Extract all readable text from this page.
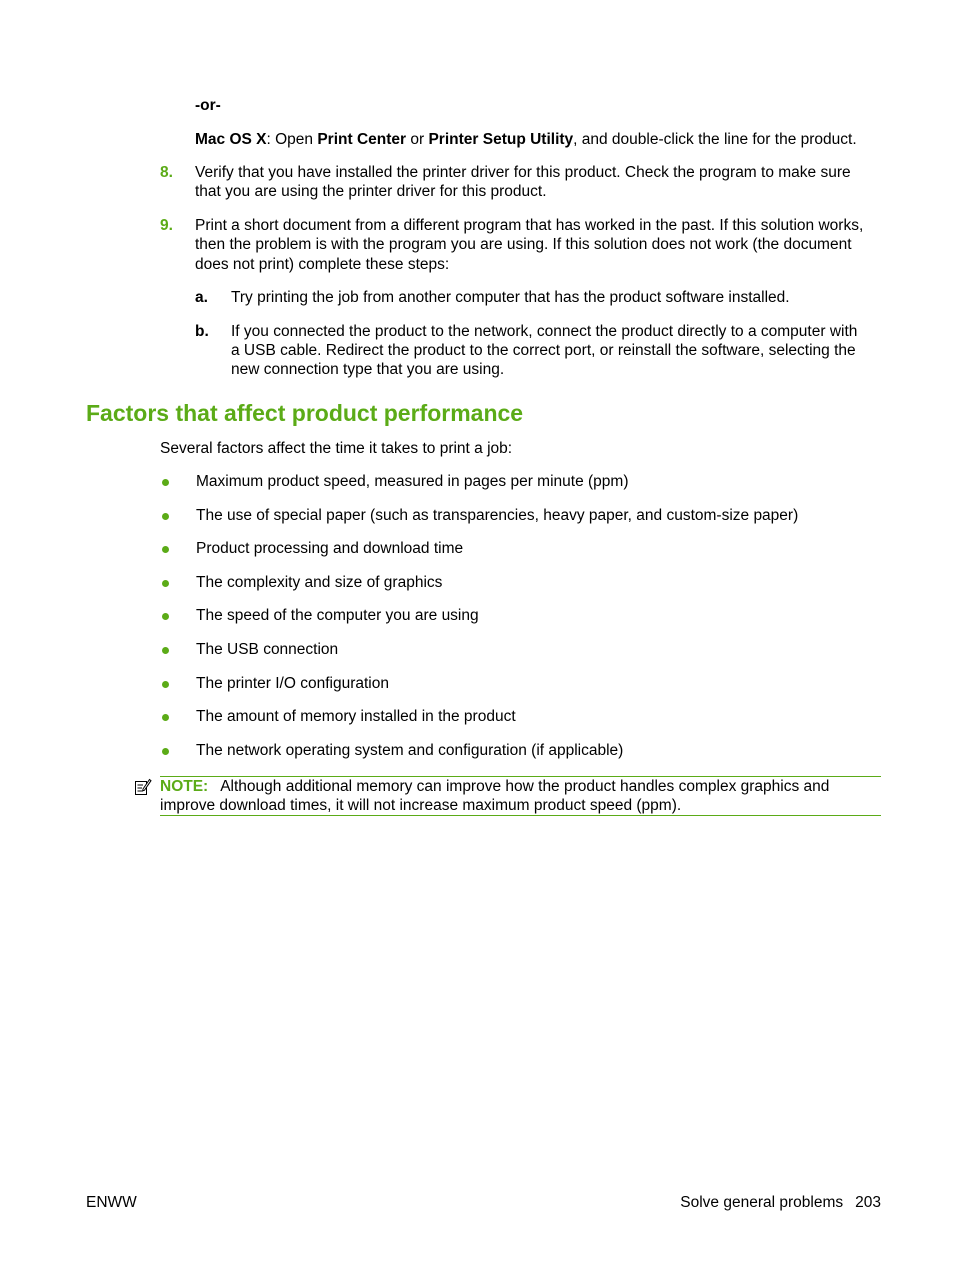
-or-
Mac OS X: Open Print Center or Printer Setup Utility, and double-click the line for the product.
8. Verify that you have installed the printer driver for this product. Check the program to make sure
that you are using the printer driver for this product.
9. Print a short document from a different program that has worked in the past. If this solution works,
then the problem is with the program you are using. If this solution does not work (the document
does not print) complete these steps:
a. Try printing the job from another computer that has the product software installed.
b. If you connected the product to the network, connect the product directly to a computer with
a USB cable. Redirect the product to the correct port, or reinstall the software, selecting the
new connection type that you are using.
Factors that affect product performance
Several factors affect the time it takes to print a job:
Maximum product speed, measured in pages per minute (ppm)
The use of special paper (such as transparencies, heavy paper, and custom-size paper)
Product processing and download time
The complexity and size of graphics
The speed of the computer you are using
The USB connection
The printer I/O configuration
The amount of memory installed in the product
The network operating system and configuration (if applicable)
NOTE: Although additional memory can improve how the product handles complex graphics and
improve download times, it will not increase maximum product speed (ppm).
ENWW	Solve general problems 203
